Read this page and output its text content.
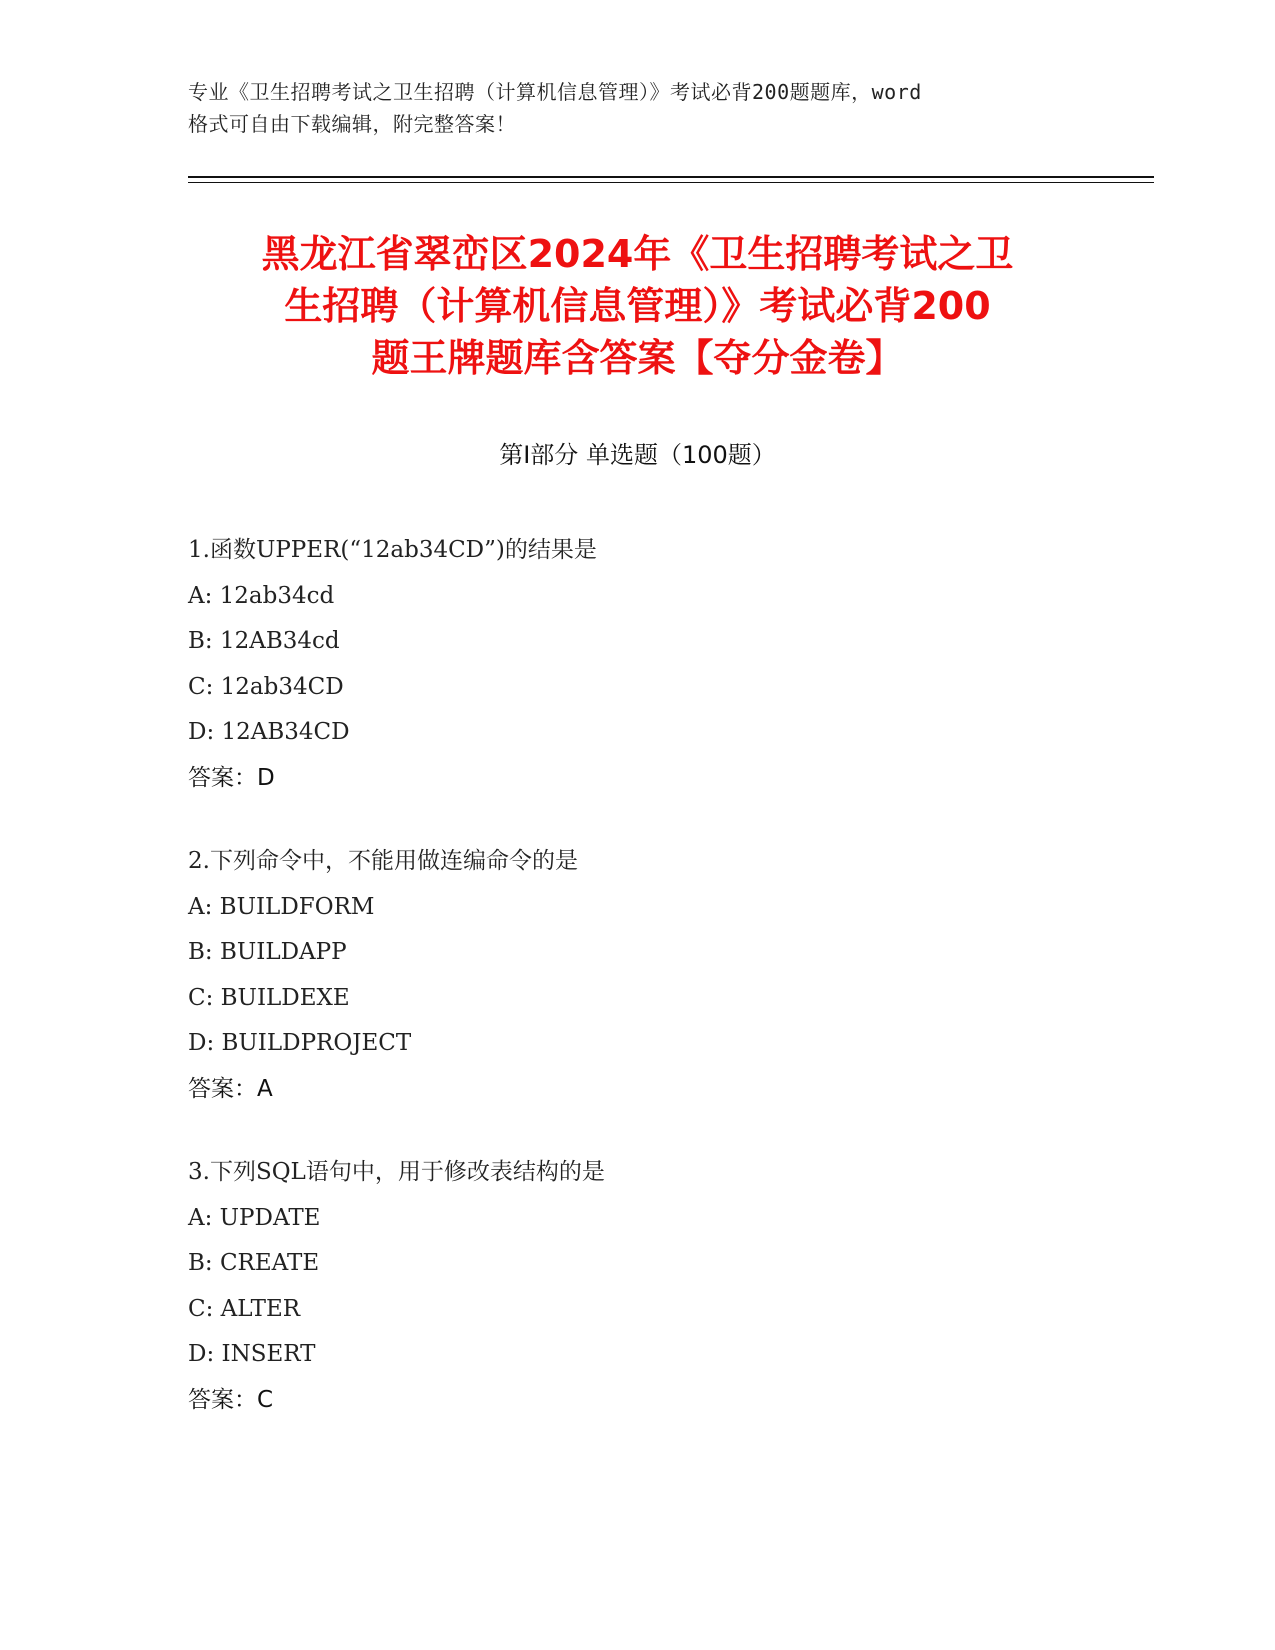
专业《卫生招聘考试之卫生招聘（计算机信息管理）》考试必背200题题库，word
格式可自由下载编辑，附完整答案！
黑龙江省翠峦区2024年《卫生招聘考试之卫
生招聘（计算机信息管理）》考试必背200
题王牌题库含答案【夺分金卷】
第I部分 单选题（100题）
1.函数UPPER(“12ab34CD”)的结果是
A: 12ab34cd
B: 12AB34cd
C: 12ab34CD
D: 12AB34CD
答案：D
2.下列命令中，不能用做连编命令的是
A: BUILDFORM
B: BUILDAPP
C: BUILDEXE
D: BUILDPROJECT
答案：A
3.下列SQL语句中，用于修改表结构的是
A: UPDATE
B: CREATE
C: ALTER
D: INSERT
答案：C
